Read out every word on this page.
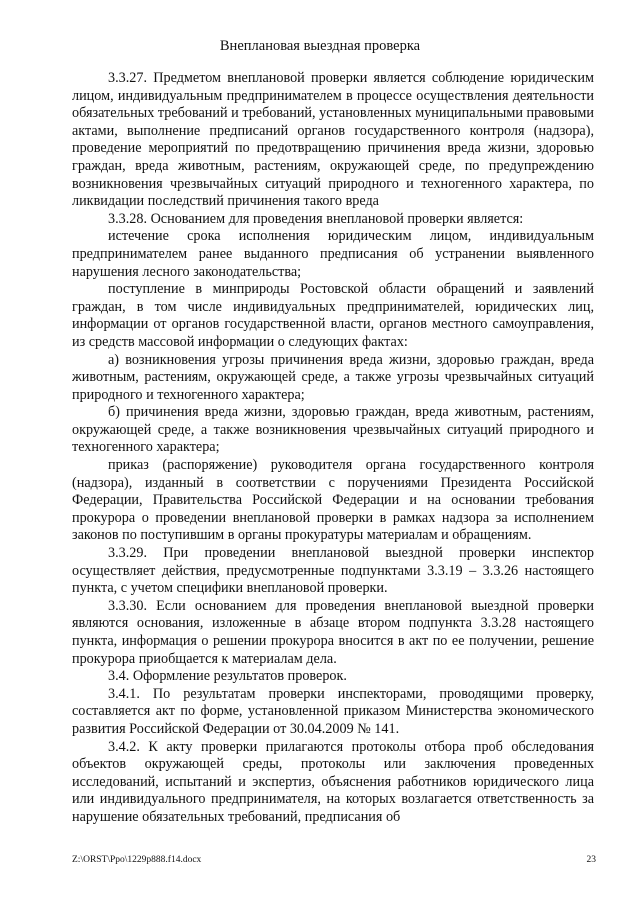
Внеплановая выездная проверка

3.3.27. Предметом внеплановой проверки является соблюдение юридическим лицом, индивидуальным предпринимателем в процессе осуществления деятельности обязательных требований и требований, установленных муниципальными правовыми актами, выполнение предписаний органов государственного контроля (надзора), проведение мероприятий по предотвращению причинения вреда жизни, здоровью граждан, вреда животным, растениям, окружающей среде, по предупреждению возникновения чрезвычайных ситуаций природного и техногенного характера, по ликвидации последствий причинения такого вреда

3.3.28. Основанием для проведения внеплановой проверки является:

истечение срока исполнения юридическим лицом, индивидуальным предпринимателем ранее выданного предписания об устранении выявленного нарушения лесного законодательства;

поступление в минприроды Ростовской области обращений и заявлений граждан, в том числе индивидуальных предпринимателей, юридических лиц, информации от органов государственной власти, органов местного самоуправления, из средств массовой информации о следующих фактах:

а) возникновения угрозы причинения вреда жизни, здоровью граждан, вреда животным, растениям, окружающей среде, а также угрозы чрезвычайных ситуаций природного и техногенного характера;

б) причинения вреда жизни, здоровью граждан, вреда животным, растениям, окружающей среде, а также возникновения чрезвычайных ситуаций природного и техногенного характера;

приказ (распоряжение) руководителя органа государственного контроля (надзора), изданный в соответствии с поручениями Президента Российской Федерации, Правительства Российской Федерации и на основании требования прокурора о проведении внеплановой проверки в рамках надзора за исполнением законов по поступившим в органы прокуратуры материалам и обращениям.

3.3.29. При проведении внеплановой выездной проверки инспектор осуществляет действия, предусмотренные подпунктами 3.3.19 – 3.3.26 настоящего пункта, с учетом специфики внеплановой проверки.

3.3.30. Если основанием для проведения внеплановой выездной проверки являются основания, изложенные в абзаце втором подпункта 3.3.28 настоящего пункта, информация о решении прокурора вносится в акт по ее получении, решение прокурора приобщается к материалам дела.

3.4. Оформление результатов проверок.

3.4.1. По результатам проверки инспекторами, проводящими проверку, составляется акт по форме, установленной приказом Министерства экономического развития Российской Федерации от 30.04.2009 № 141.

3.4.2. К акту проверки прилагаются протоколы отбора проб обследования объектов окружающей среды, протоколы или заключения проведенных исследований, испытаний и экспертиз, объяснения работников юридического лица или индивидуального предпринимателя, на которых возлагается ответственность за нарушение обязательных требований, предписания об

Z:\ORST\Ppo\1229p888.f14.docx	23
